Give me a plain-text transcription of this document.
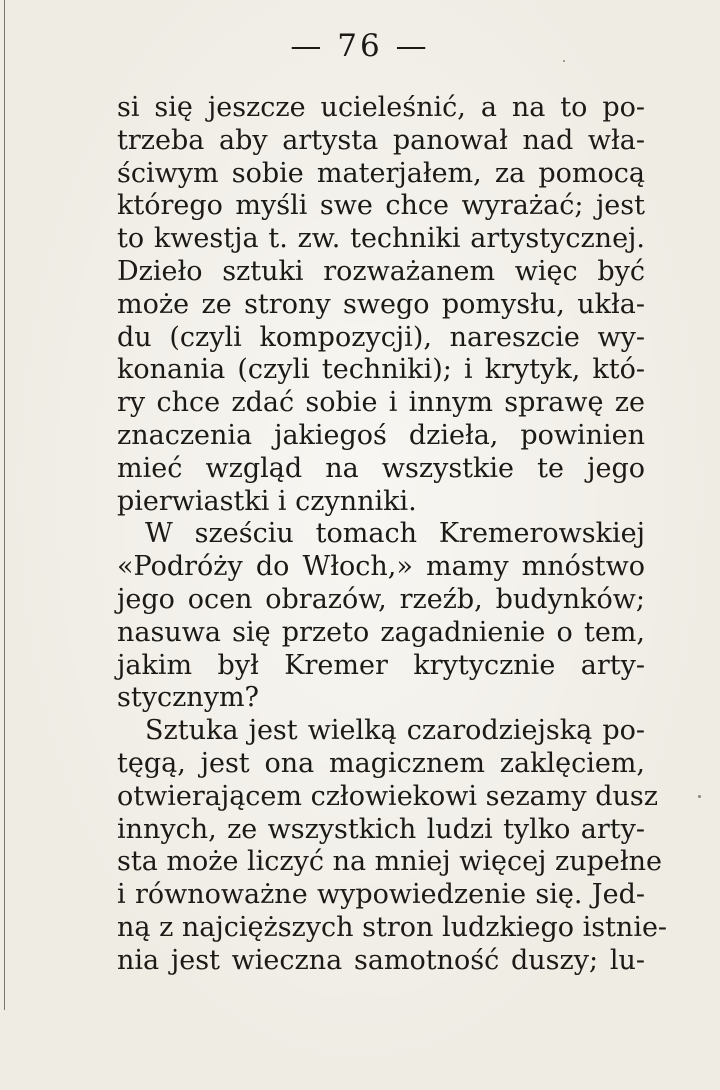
— 76 —
si się jeszcze ucieleśnić, a na to po-
trzeba aby artysta panował nad wła-
ściwym sobie materjałem, za pomocą
którego myśli swe chce wyrażać; jest
to kwestja t. zw. techniki artystycznej.
Dzieło sztuki rozważanem więc być
może ze strony swego pomysłu, ukła-
du (czyli kompozycji), nareszcie wy-
konania (czyli techniki); i krytyk, któ-
ry chce zdać sobie i innym sprawę ze
znaczenia jakiegoś dzieła, powinien
mieć wzgląd na wszystkie te jego
pierwiastki i czynniki.
W sześciu tomach Kremerowskiej
«Podróży do Włoch,» mamy mnóstwo
jego ocen obrazów, rzeźb, budynków;
nasuwa się przeto zagadnienie o tem,
jakim był Kremer krytycznie arty-
stycznym?
Sztuka jest wielką czarodziejską po-
tęgą, jest ona magicznem zaklęciem,
otwierającem człowiekowi sezamy dusz
innych, ze wszystkich ludzi tylko arty-
sta może liczyć na mniej więcej zupełne
i równoważne wypowiedzenie się. Jed-
ną z najcięższych stron ludzkiego istnie-
nia jest wieczna samotność duszy; lu-
